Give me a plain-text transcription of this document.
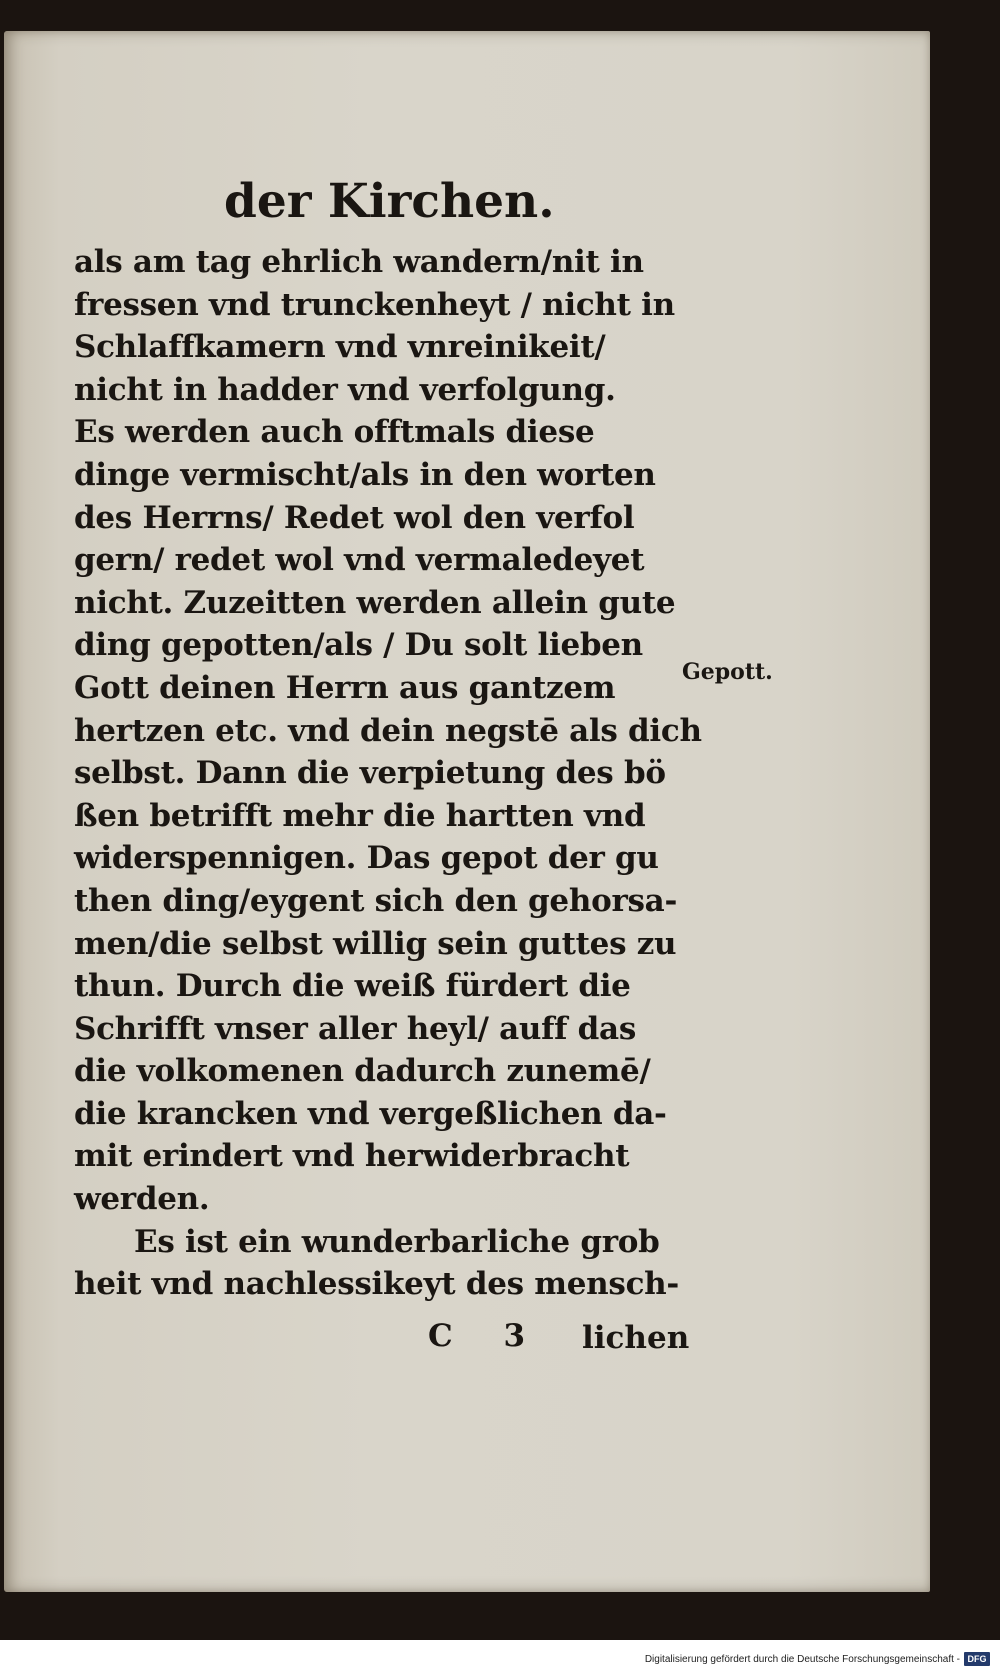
der Kirchen.
als am tag ehrlich wandern/nit in
fressen vnd trunckenheyt / nicht in
Schlaffkamern vnd vnreinikeit/
nicht in hadder vnd verfolgung.
Es werden auch offtmals diese
dinge vermischt/als in den worten
des Herrns/ Redet wol den verfol
gern/ redet wol vnd vermaledeyet
nicht. Zuzeitten werden allein gute
ding gepotten/als / Du solt lieben
Gott deinen Herrn aus gantzem
hertzen etc. vnd dein negstē als dich
selbst. Dann die verpietung des bö
ßen betrifft mehr die hartten vnd
widerspennigen. Das gepot der gu
then ding/eygent sich den gehorsa-
men/die selbst willig sein guttes zu
thun. Durch die weiß fürdert die
Schrifft vnser aller heyl/ auff das
die volkomenen dadurch zunemē/
die krancken vnd vergeßlichen da-
mit erindert vnd herwiderbracht
werden.
Es ist ein wunderbarliche grob
heit vnd nachlessikeyt des mensch-
Gepott.
C 3 lichen
Digitalisierung gefördert durch die Deutsche Forschungsgemeinschaft - DFG
